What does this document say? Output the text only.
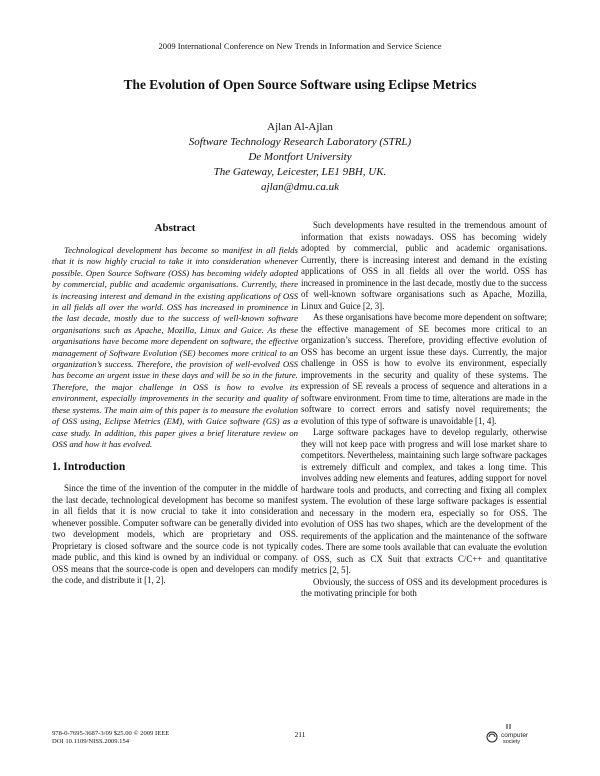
2009 International Conference on New Trends in Information and Service Science
The Evolution of Open Source Software using Eclipse Metrics
Ajlan Al-Ajlan
Software Technology Research Laboratory (STRL)
De Montfort University
The Gateway, Leicester, LE1 9BH, UK.
ajlan@dmu.ca.uk
Abstract

Technological development has become so manifest in all fields that it is now highly crucial to take it into consideration whenever possible. Open Source Software (OSS) has becoming widely adopted by commercial, public and academic organisations. Currently, there is increasing interest and demand in the existing applications of OSS in all fields all over the world. OSS has increased in prominence in the last decade, mostly due to the success of well-known software organisations such as Apache, Mozilla, Linux and Guice. As these organisations have become more dependent on software, the effective management of Software Evolution (SE) becomes more critical to an organization’s success. Therefore, the provision of well-evolved OSS has become an urgent issue in these days and will be so in the future. Therefore, the major challenge in OSS is how to evolve its environment, especially improvements in the security and quality of these systems. The main aim of this paper is to measure the evolution of OSS using, Eclipse Metrics (EM), with Guice software (GS) as a case study. In addition, this paper gives a brief literature review on OSS and how it has evolved.

1. Introduction

Since the time of the invention of the computer in the middle of the last decade, technological development has become so manifest in all fields that it is now crucial to take it into consideration whenever possible. Computer software can be generally divided into two development models, which are proprietary and OSS. Proprietary is closed software and the source code is not typically made public, and this kind is owned by an individual or company. OSS means that the source-code is open and developers can modify the code, and distribute it [1, 2].

Such developments have resulted in the tremendous amount of information that exists nowadays. OSS has becoming widely adopted by commercial, public and academic organisations. Currently, there is increasing interest and demand in the existing applications of OSS in all fields all over the world. OSS has increased in prominence in the last decade, mostly due to the success of well-known software organisations such as Apache, Mozilla, Linux and Guice [2, 3].

As these organisations have become more dependent on software; the effective management of SE becomes more critical to an organization’s success. Therefore, providing effective evolution of OSS has become an urgent issue these days. Currently, the major challenge in OSS is how to evolve its environment, especially improvements in the security and quality of these systems. The expression of SE reveals a process of sequence and alterations in a software environment. From time to time, alterations are made in the software to correct errors and satisfy novel requirements; the evolution of this type of software is unavoidable [1, 4].

Large software packages have to develop regularly, otherwise they will not keep pace with progress and will lose market share to competitors. Nevertheless, maintaining such large software packages is extremely difficult and complex, and takes a long time. This involves adding new elements and features, adding support for novel hardware tools and products, and correcting and fixing all complex system. The evolution of these large software packages is essential and necessary in the modern era, especially so for OSS. The evolution of OSS has two shapes, which are the development of the requirements of the application and the maintenance of the software codes. There are some tools available that can evaluate the evolution of OSS, such as CX Suit that extracts C/C++ and quantitative metrics [2, 5].

Obviously, the success of OSS and its development procedures is the motivating principle for both

978-0-7695-3687-3/09 $25.00 © 2009 IEEE
DOI 10.1109/NISS.2009.154
211	computer
society
